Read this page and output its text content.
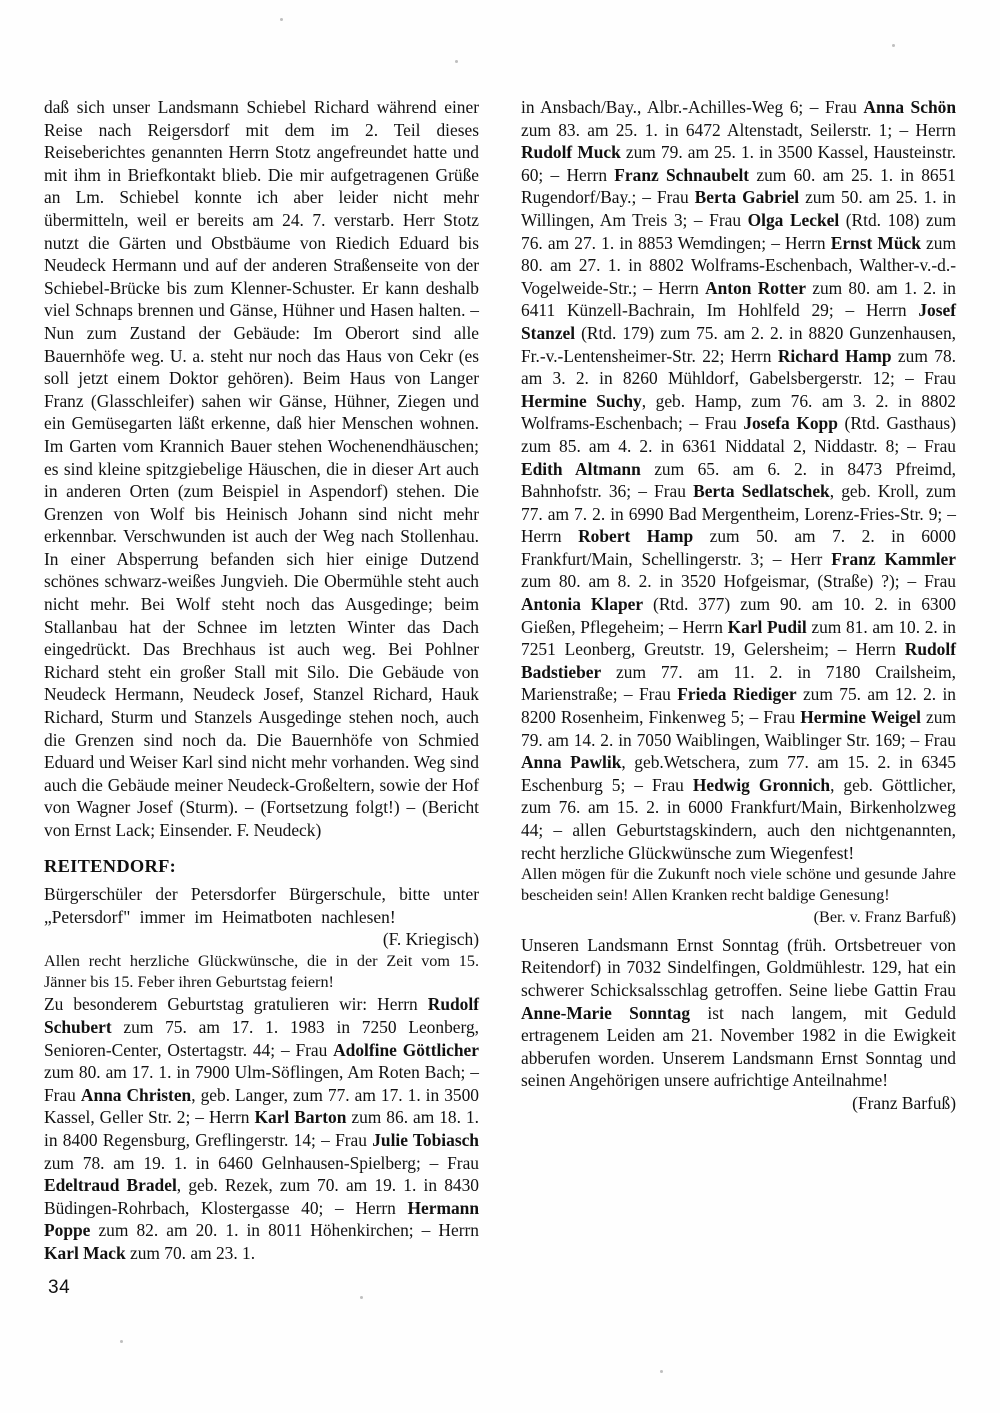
daß sich unser Landsmann Schiebel Richard während einer Reise nach Reigersdorf mit dem im 2. Teil dieses Reiseberichtes genannten Herrn Stotz angefreundet hatte und mit ihm in Briefkontakt blieb. Die mir aufgetragenen Grüße an Lm. Schiebel konnte ich aber leider nicht mehr übermitteln, weil er bereits am 24. 7. verstarb. Herr Stotz nutzt die Gärten und Obstbäume von Riedich Eduard bis Neudeck Hermann und auf der anderen Straßenseite von der Schiebel-Brücke bis zum Klenner-Schuster. Er kann deshalb viel Schnaps brennen und Gänse, Hühner und Hasen halten. – Nun zum Zustand der Gebäude: Im Oberort sind alle Bauernhöfe weg. U. a. steht nur noch das Haus von Cekr (es soll jetzt einem Doktor gehören). Beim Haus von Langer Franz (Glasschleifer) sahen wir Gänse, Hühner, Ziegen und ein Gemüsegarten läßt erkenne, daß hier Menschen wohnen. Im Garten vom Krannich Bauer stehen Wochenendhäuschen; es sind kleine spitzgiebelige Häuschen, die in dieser Art auch in anderen Orten (zum Beispiel in Aspendorf) stehen. Die Grenzen von Wolf bis Heinisch Johann sind nicht mehr erkennbar. Verschwunden ist auch der Weg nach Stollenhau. In einer Absperrung befanden sich hier einige Dutzend schönes schwarz-weißes Jungvieh. Die Obermühle steht auch nicht mehr. Bei Wolf steht noch das Ausgedinge; beim Stallanbau hat der Schnee im letzten Winter das Dach eingedrückt. Das Brechhaus ist auch weg. Bei Pohlner Richard steht ein großer Stall mit Silo. Die Gebäude von Neudeck Hermann, Neudeck Josef, Stanzel Richard, Hauk Richard, Sturm und Stanzels Ausgedinge stehen noch, auch die Grenzen sind noch da. Die Bauernhöfe von Schmied Eduard und Weiser Karl sind nicht mehr vorhanden. Weg sind auch die Gebäude meiner Neudeck-Großeltern, sowie der Hof von Wagner Josef (Sturm). – (Fortsetzung folgt!) – (Bericht von Ernst Lack; Einsender. F. Neudeck)

REITENDORF:

Bürgerschüler der Petersdorfer Bürgerschule, bitte unter „Petersdorf" immer im Heimatboten nachlesen!

(F. Kriegisch)

Allen recht herzliche Glückwünsche, die in der Zeit vom 15. Jänner bis 15. Feber ihren Geburtstag feiern!

Zu besonderem Geburtstag gratulieren wir: Herrn Rudolf Schubert zum 75. am 17. 1. 1983 in 7250 Leonberg, Senioren-Center, Ostertagstr. 44; – Frau Adolfine Göttlicher zum 80. am 17. 1. in 7900 Ulm-Söflingen, Am Roten Bach; – Frau Anna Christen, geb. Langer, zum 77. am 17. 1. in 3500 Kassel, Geller Str. 2; – Herrn Karl Barton zum 86. am 18. 1. in 8400 Regensburg, Greflingerstr. 14; – Frau Julie Tobiasch zum 78. am 19. 1. in 6460 Gelnhausen-Spielberg; – Frau Edeltraud Bradel, geb. Rezek, zum 70. am 19. 1. in 8430 Büdingen-Rohrbach, Klostergasse 40; – Herrn Hermann Poppe zum 82. am 20. 1. in 8011 Höhenkirchen; – Herrn Karl Mack zum 70. am 23. 1.

in Ansbach/Bay., Albr.-Achilles-Weg 6; – Frau Anna Schön zum 83. am 25. 1. in 6472 Altenstadt, Seilerstr. 1; – Herrn Rudolf Muck zum 79. am 25. 1. in 3500 Kassel, Hausteinstr. 60; – Herrn Franz Schnaubelt zum 60. am 25. 1. in 8651 Rugendorf/Bay.; – Frau Berta Gabriel zum 50. am 25. 1. in Willingen, Am Treis 3; – Frau Olga Leckel (Rtd. 108) zum 76. am 27. 1. in 8853 Wemdingen; – Herrn Ernst Mück zum 80. am 27. 1. in 8802 Wolframs-Eschenbach, Walther-v.-d.-Vogelweide-Str.; – Herrn Anton Rotter zum 80. am 1. 2. in 6411 Künzell-Bachrain, Im Hohlfeld 29; – Herrn Josef Stanzel (Rtd. 179) zum 75. am 2. 2. in 8820 Gunzenhausen, Fr.-v.-Lentensheimer-Str. 22; Herrn Richard Hamp zum 78. am 3. 2. in 8260 Mühldorf, Gabelsbergerstr. 12; – Frau Hermine Suchy, geb. Hamp, zum 76. am 3. 2. in 8802 Wolframs-Eschenbach; – Frau Josefa Kopp (Rtd. Gasthaus) zum 85. am 4. 2. in 6361 Niddatal 2, Niddastr. 8; – Frau Edith Altmann zum 65. am 6. 2. in 8473 Pfreimd, Bahnhofstr. 36; – Frau Berta Sedlatschek, geb. Kroll, zum 77. am 7. 2. in 6990 Bad Mergentheim, Lorenz-Fries-Str. 9; – Herrn Robert Hamp zum 50. am 7. 2. in 6000 Frankfurt/Main, Schellingerstr. 3; – Herr Franz Kammler zum 80. am 8. 2. in 3520 Hofgeismar, (Straße) ?); – Frau Antonia Klaper (Rtd. 377) zum 90. am 10. 2. in 6300 Gießen, Pflegeheim; – Herrn Karl Pudil zum 81. am 10. 2. in 7251 Leonberg, Greutstr. 19, Gelersheim; – Herrn Rudolf Badstieber zum 77. am 11. 2. in 7180 Crailsheim, Marienstraße; – Frau Frieda Riediger zum 75. am 12. 2. in 8200 Rosenheim, Finkenweg 5; – Frau Hermine Weigel zum 79. am 14. 2. in 7050 Waiblingen, Waiblinger Str. 169; – Frau Anna Pawlik, geb.Wetschera, zum 77. am 15. 2. in 6345 Eschenburg 5; – Frau Hedwig Gronnich, geb. Göttlicher, zum 76. am 15. 2. in 6000 Frankfurt/Main, Birkenholzweg 44; – allen Geburtstagskindern, auch den nichtgenannten, recht herzliche Glückwünsche zum Wiegenfest!

Allen mögen für die Zukunft noch viele schöne und gesunde Jahre bescheiden sein! Allen Kranken recht baldige Genesung!

(Ber. v. Franz Barfuß)

Unseren Landsmann Ernst Sonntag (früh. Ortsbetreuer von Reitendorf) in 7032 Sindelfingen, Goldmühlestr. 129, hat ein schwerer Schicksalsschlag getroffen. Seine liebe Gattin Frau Anne-Marie Sonntag ist nach langem, mit Geduld ertragenem Leiden am 21. November 1982 in die Ewigkeit abberufen worden. Unserem Landsmann Ernst Sonntag und seinen Angehörigen unsere aufrichtige Anteilnahme!

(Franz Barfuß)

34
